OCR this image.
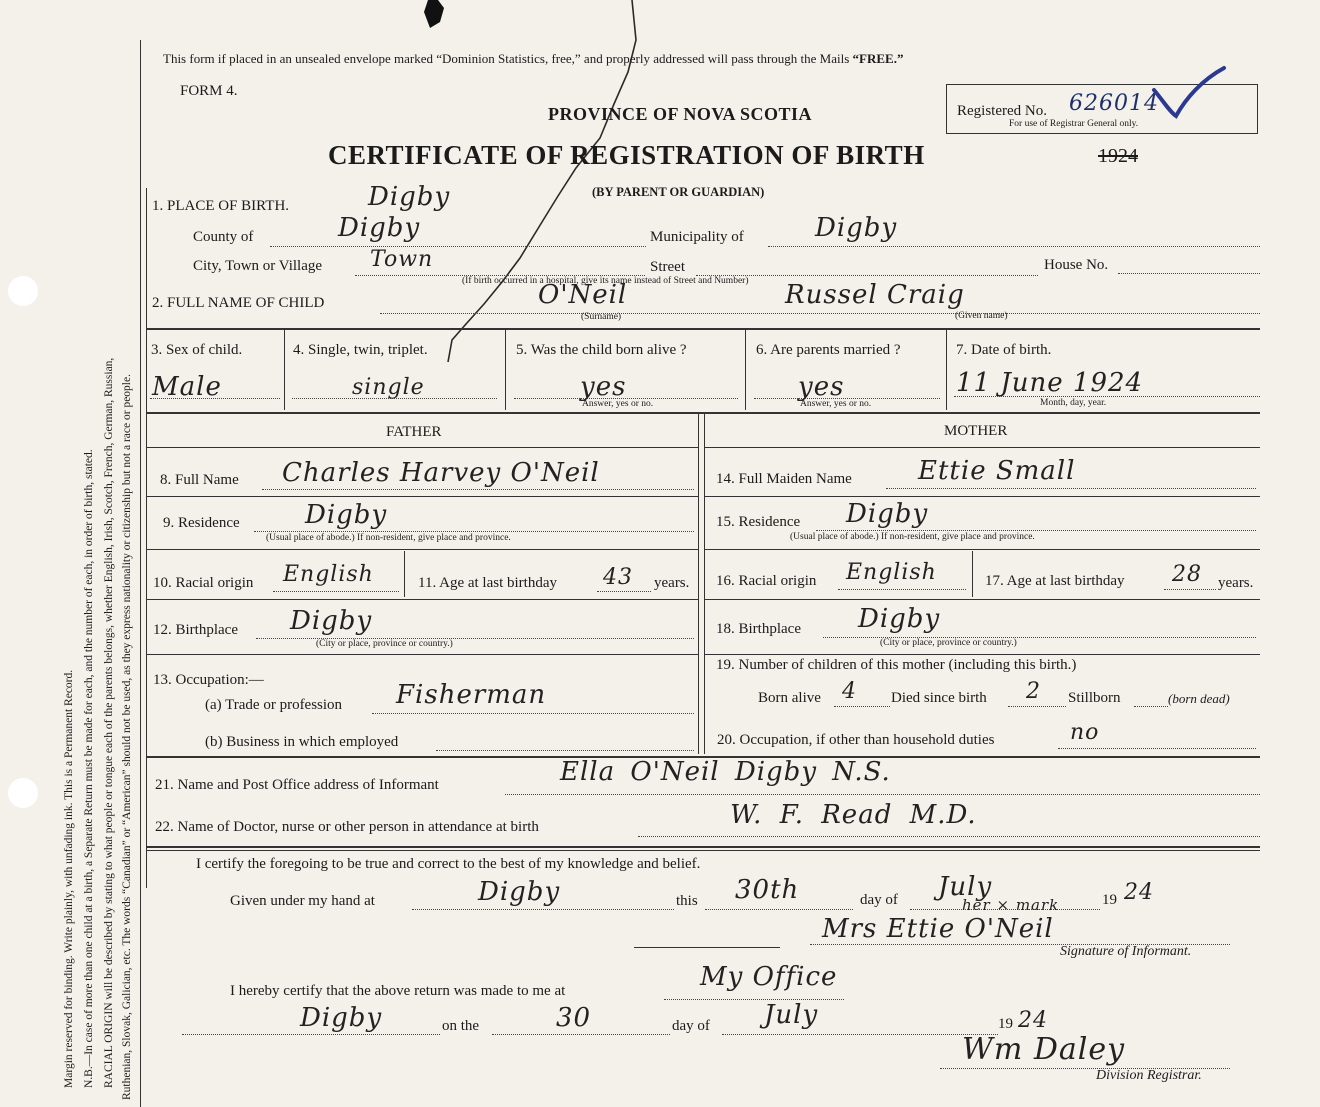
Margin reserved for binding. Write plainly, with unfading ink. This is a Permanent Record. N.B.—In case of more than one child at a birth, a Separate Return must be made for each, and the number of each, in order of birth, stated. RACIAL ORIGIN will be described by stating to what people or tongue each of the parents belongs, whether English, Irish, Scotch, French, German, Russian, Ruthenian, Slovak, Galician, etc. The words “Canadian” or “American” should not be used, as they express nationality or citizenship but not a race or people.
This form if placed in an unsealed envelope marked “Dominion Statistics, free,” and properly addressed will pass through the Mails “FREE.”
FORM 4.
PROVINCE OF NOVA SCOTIA
CERTIFICATE OF REGISTRATION OF BIRTH	1924
(BY PARENT OR GUARDIAN)
Registered No. 626014
For use of Registrar General only.
1. PLACE OF BIRTH.	Digby
County of	Digby	Municipality of	Digby
City, Town or Village Town	Street	House No.
(If birth occurred in a hospital, give its name instead of Street and Number)
2. FULL NAME OF CHILD	O'Neil
(Surname)
Russel Craig
(Given name)
3. Sex of child.
Male
4. Single, twin, triplet.
single
5. Was the child born alive ?
yes
Answer, yes or no.
6. Are parents married ?
yes
Answer, yes or no.
7. Date of birth.
11 June 1924
Month, day, year.
FATHER	MOTHER
8. Full Name Charles Harvey O'Neil
9. Residence	Digby
(Usual place of abode.) If non-resident, give place and province.
10. Racial origin English	11. Age at last birthday 43 years.
12. Birthplace Digby
(City or place, province or country.)
13. Occupation:—
(a) Trade or profession Fisherman
(b) Business in which employed
14. Full Maiden Name	Ettie Small
15. Residence Digby
(Usual place of abode.) If non-resident, give place and province.
16. Racial origin English	17. Age at last birthday 28 years.
18. Birthplace Digby
(City or place, province or country.)
19. Number of children of this mother (including this birth.)
Born alive 4 Died since birth 2 Stillborn	(born dead)
20. Occupation, if other than household duties	no
21. Name and Post Office address of Informant	Ella O'Neil Digby N.S.
22. Name of Doctor, nurse or other person in attendance at birth	W. F. Read M.D.
I certify the foregoing to be true and correct to the best of my knowledge and belief.
Given under my hand at	Digby	this 30th	day of July	19 24
her × mark
Mrs Ettie O'Neil
Signature of Informant.
I hereby certify that the above return was made to me at	My Office
Digby	on the	30	day of July	19 24
Wm Daley
Division Registrar.
